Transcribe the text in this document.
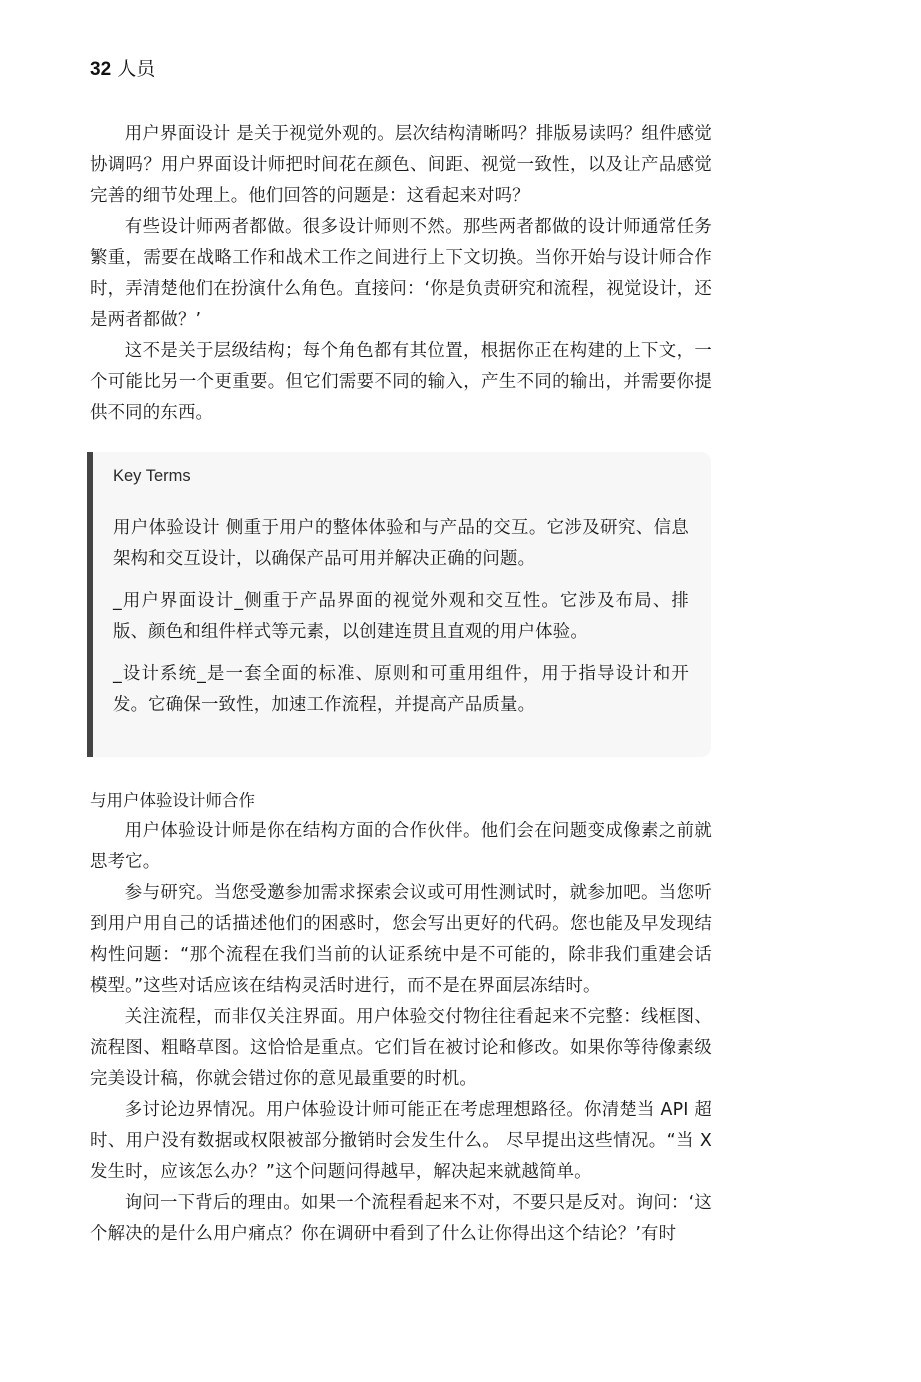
32 人员

用户界面设计 是关于视觉外观的。层次结构清晰吗？排版易读吗？组件感觉协调吗？用户界面设计师把时间花在颜色、间距、视觉一致性，以及让产品感觉完善的细节处理上。他们回答的问题是：这看起来对吗？

有些设计师两者都做。很多设计师则不然。那些两者都做的设计师通常任务繁重，需要在战略工作和战术工作之间进行上下文切换。当你开始与设计师合作时，弄清楚他们在扮演什么角色。直接问：‘你是负责研究和流程，视觉设计，还是两者都做？’

这不是关于层级结构；每个角色都有其位置，根据你正在构建的上下文，一个可能比另一个更重要。但它们需要不同的输入，产生不同的输出，并需要你提供不同的东西。

Key Terms

用户体验设计 侧重于用户的整体体验和与产品的交互。它涉及研究、信息架构和交互设计，以确保产品可用并解决正确的问题。

_用户界面设计_侧重于产品界面的视觉外观和交互性。它涉及布局、排版、颜色和组件样式等元素，以创建连贯且直观的用户体验。

_设计系统_是一套全面的标准、原则和可重用组件，用于指导设计和开发。它确保一致性，加速工作流程，并提高产品质量。

与用户体验设计师合作

用户体验设计师是你在结构方面的合作伙伴。他们会在问题变成像素之前就思考它。

参与研究。当您受邀参加需求探索会议或可用性测试时，就参加吧。当您听到用户用自己的话描述他们的困惑时，您会写出更好的代码。您也能及早发现结构性问题：“那个流程在我们当前的认证系统中是不可能的，除非我们重建会话模型。”这些对话应该在结构灵活时进行，而不是在界面层冻结时。

关注流程，而非仅关注界面。用户体验交付物往往看起来不完整：线框图、流程图、粗略草图。这恰恰是重点。它们旨在被讨论和修改。如果你等待像素级完美设计稿，你就会错过你的意见最重要的时机。

多讨论边界情况。用户体验设计师可能正在考虑理想路径。你清楚当 API 超时、用户没有数据或权限被部分撤销时会发生什么。 尽早提出这些情况。“当 X 发生时，应该怎么办？”这个问题问得越早，解决起来就越简单。

询问一下背后的理由。如果一个流程看起来不对，不要只是反对。询问：‘这个解决的是什么用户痛点？你在调研中看到了什么让你得出这个结论？’有时
